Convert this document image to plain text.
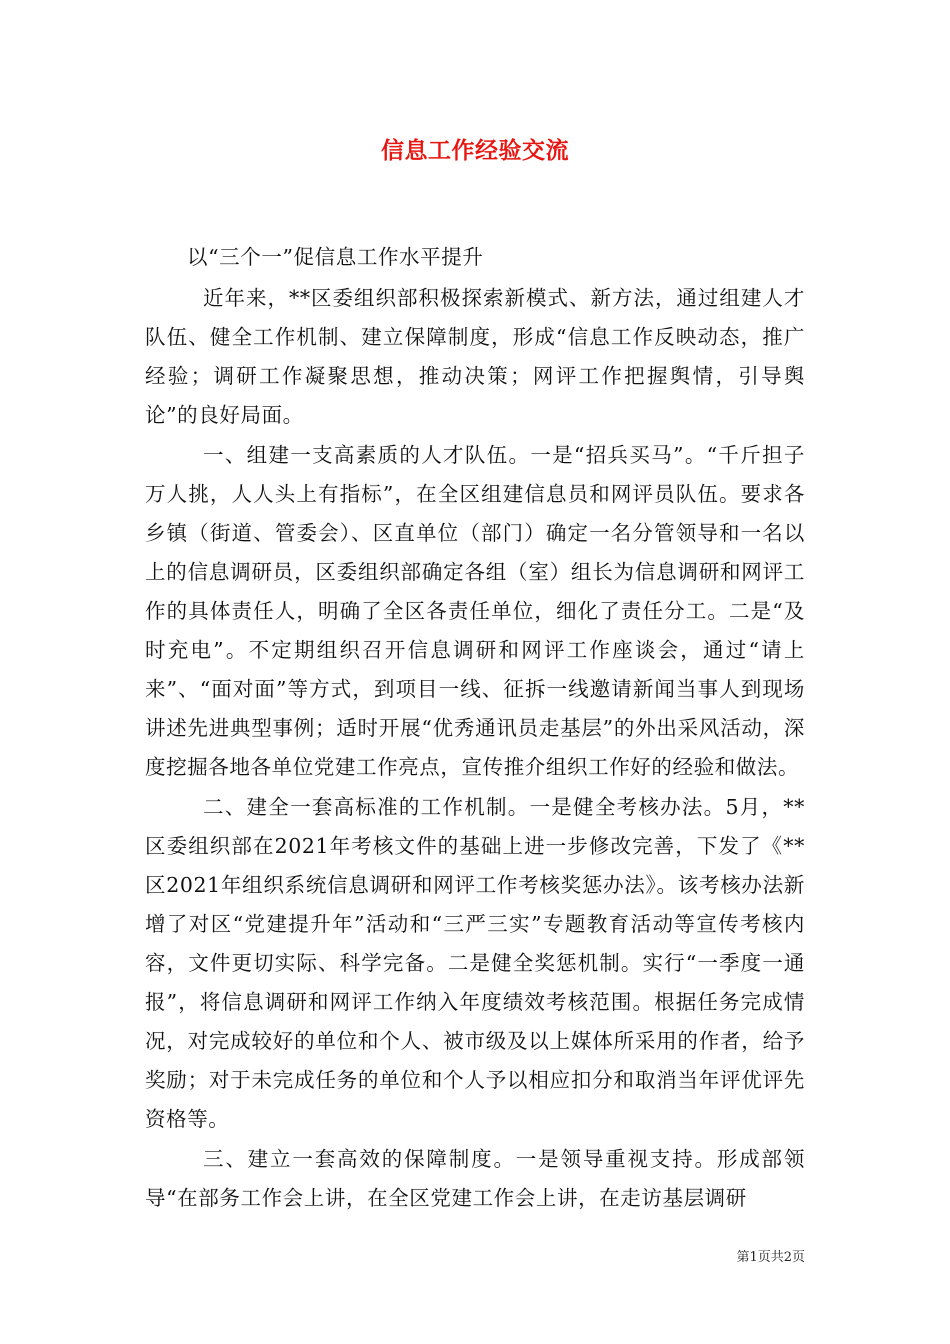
信息工作经验交流
以“三个一”促信息工作水平提升

近年来，**区委组织部积极探索新模式、新方法，通过组建人才队伍、健全工作机制、建立保障制度，形成“信息工作反映动态，推广经验；调研工作凝聚思想，推动决策；网评工作把握舆情，引导舆论”的良好局面。

一、组建一支高素质的人才队伍。一是“招兵买马”。“千斤担子万人挑，人人头上有指标”，在全区组建信息员和网评员队伍。要求各乡镇（街道、管委会）、区直单位（部门）确定一名分管领导和一名以上的信息调研员，区委组织部确定各组（室）组长为信息调研和网评工作的具体责任人，明确了全区各责任单位，细化了责任分工。二是“及时充电”。不定期组织召开信息调研和网评工作座谈会，通过“请上来”、“面对面”等方式，到项目一线、征拆一线邀请新闻当事人到现场讲述先进典型事例；适时开展“优秀通讯员走基层”的外出采风活动，深度挖掘各地各单位党建工作亮点，宣传推介组织工作好的经验和做法。

二、建全一套高标准的工作机制。一是健全考核办法。5月，**区委组织部在2021年考核文件的基础上进一步修改完善，下发了《**区2021年组织系统信息调研和网评工作考核奖惩办法》。该考核办法新增了对区“党建提升年”活动和“三严三实”专题教育活动等宣传考核内容，文件更切实际、科学完备。二是健全奖惩机制。实行“一季度一通报”，将信息调研和网评工作纳入年度绩效考核范围。根据任务完成情况，对完成较好的单位和个人、被市级及以上媒体所采用的作者，给予奖励；对于未完成任务的单位和个人予以相应扣分和取消当年评优评先资格等。

三、建立一套高效的保障制度。一是领导重视支持。形成部领导“在部务工作会上讲，在全区党建工作会上讲，在走访基层调研

第1页共2页
